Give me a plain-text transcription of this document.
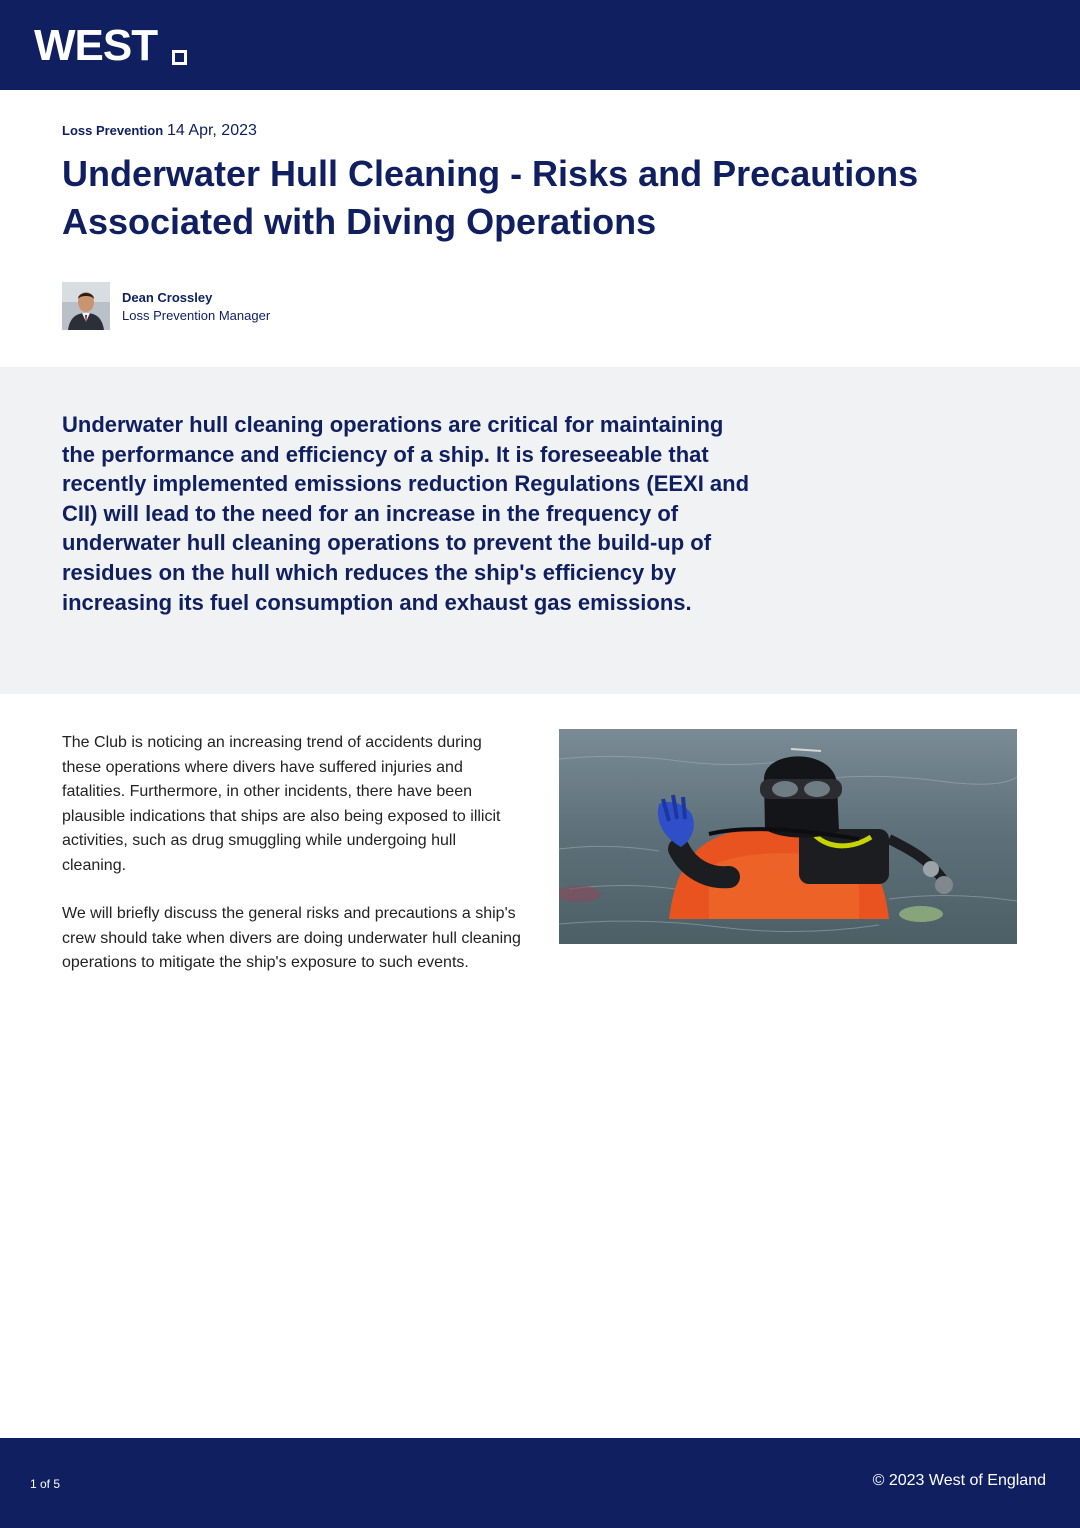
WEST
Loss Prevention 14 Apr, 2023
Underwater Hull Cleaning - Risks and Precautions Associated with Diving Operations
Dean Crossley
Loss Prevention Manager

Underwater hull cleaning operations are critical for maintaining the performance and efficiency of a ship. It is foreseeable that recently implemented emissions reduction Regulations (EEXI and CII) will lead to the need for an increase in the frequency of underwater hull cleaning operations to prevent the build-up of residues on the hull which reduces the ship's efficiency by increasing its fuel consumption and exhaust gas emissions.

The Club is noticing an increasing trend of accidents during these operations where divers have suffered injuries and fatalities. Furthermore, in other incidents, there have been plausible indications that ships are also being exposed to illicit activities, such as drug smuggling while undergoing hull cleaning.

We will briefly discuss the general risks and precautions a ship's crew should take when divers are doing underwater hull cleaning operations to mitigate the ship's exposure to such events.

1 of 5	© 2023 West of England
